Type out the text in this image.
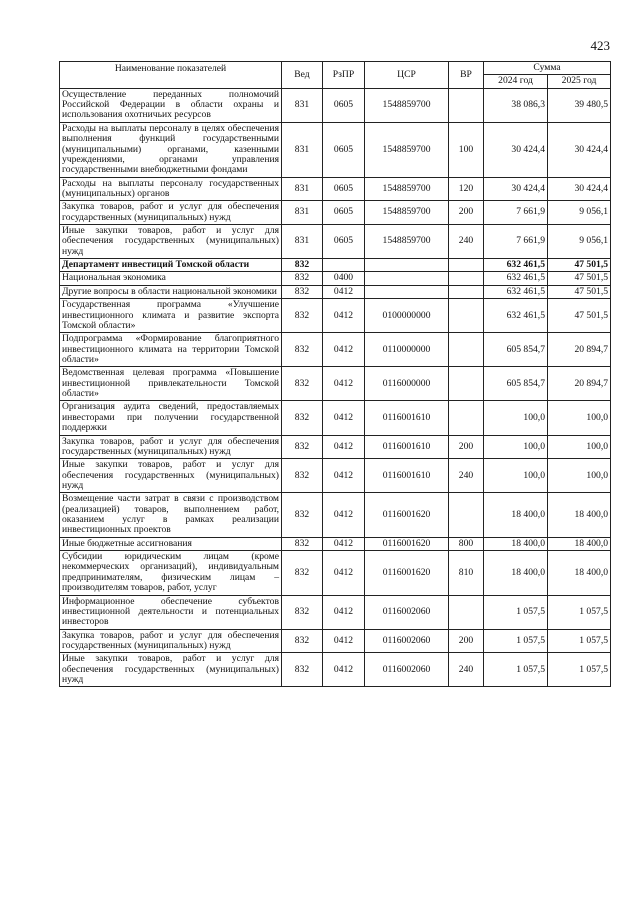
423
Наименование показателей	Вед	РзПР	ЦСР	ВР	Сумма	
					2024 год	2025 год
Осуществление переданных полномочий Российской Федерации в области охраны и использования охотничьих ресурсов	831	0605	1548859700		38 086,3	39 480,5
Расходы на выплаты персоналу в целях обеспечения выполнения функций государственными (муниципальными) органами, казенными учреждениями, органами управления государственными внебюджетными фондами	831	0605	1548859700	100	30 424,4	30 424,4
Расходы на выплаты персоналу государственных (муниципальных) органов	831	0605	1548859700	120	30 424,4	30 424,4
Закупка товаров, работ и услуг для обеспечения государственных (муниципальных) нужд	831	0605	1548859700	200	7 661,9	9 056,1
Иные закупки товаров, работ и услуг для обеспечения государственных (муниципальных) нужд	831	0605	1548859700	240	7 661,9	9 056,1
Департамент инвестиций Томской области	832				632 461,5	47 501,5
Национальная экономика	832	0400			632 461,5	47 501,5
Другие вопросы в области национальной экономики	832	0412			632 461,5	47 501,5
Государственная программа «Улучшение инвестиционного климата и развитие экспорта Томской области»	832	0412	0100000000		632 461,5	47 501,5
Подпрограмма «Формирование благоприятного инвестиционного климата на территории Томской области»	832	0412	0110000000		605 854,7	20 894,7
Ведомственная целевая программа «Повышение инвестиционной привлекательности Томской области»	832	0412	0116000000		605 854,7	20 894,7
Организация аудита сведений, предоставляемых инвесторами при получении государственной поддержки	832	0412	0116001610		100,0	100,0
Закупка товаров, работ и услуг для обеспечения государственных (муниципальных) нужд	832	0412	0116001610	200	100,0	100,0
Иные закупки товаров, работ и услуг для обеспечения государственных (муниципальных) нужд	832	0412	0116001610	240	100,0	100,0
Возмещение части затрат в связи с производством (реализацией) товаров, выполнением работ, оказанием услуг в рамках реализации инвестиционных проектов	832	0412	0116001620		18 400,0	18 400,0
Иные бюджетные ассигнования	832	0412	0116001620	800	18 400,0	18 400,0
Субсидии юридическим лицам (кроме некоммерческих организаций), индивидуальным предпринимателям, физическим лицам – производителям товаров, работ, услуг	832	0412	0116001620	810	18 400,0	18 400,0
Информационное обеспечение субъектов инвестиционной деятельности и потенциальных инвесторов	832	0412	0116002060		1 057,5	1 057,5
Закупка товаров, работ и услуг для обеспечения государственных (муниципальных) нужд	832	0412	0116002060	200	1 057,5	1 057,5
Иные закупки товаров, работ и услуг для обеспечения государственных (муниципальных) нужд	832	0412	0116002060	240	1 057,5	1 057,5
